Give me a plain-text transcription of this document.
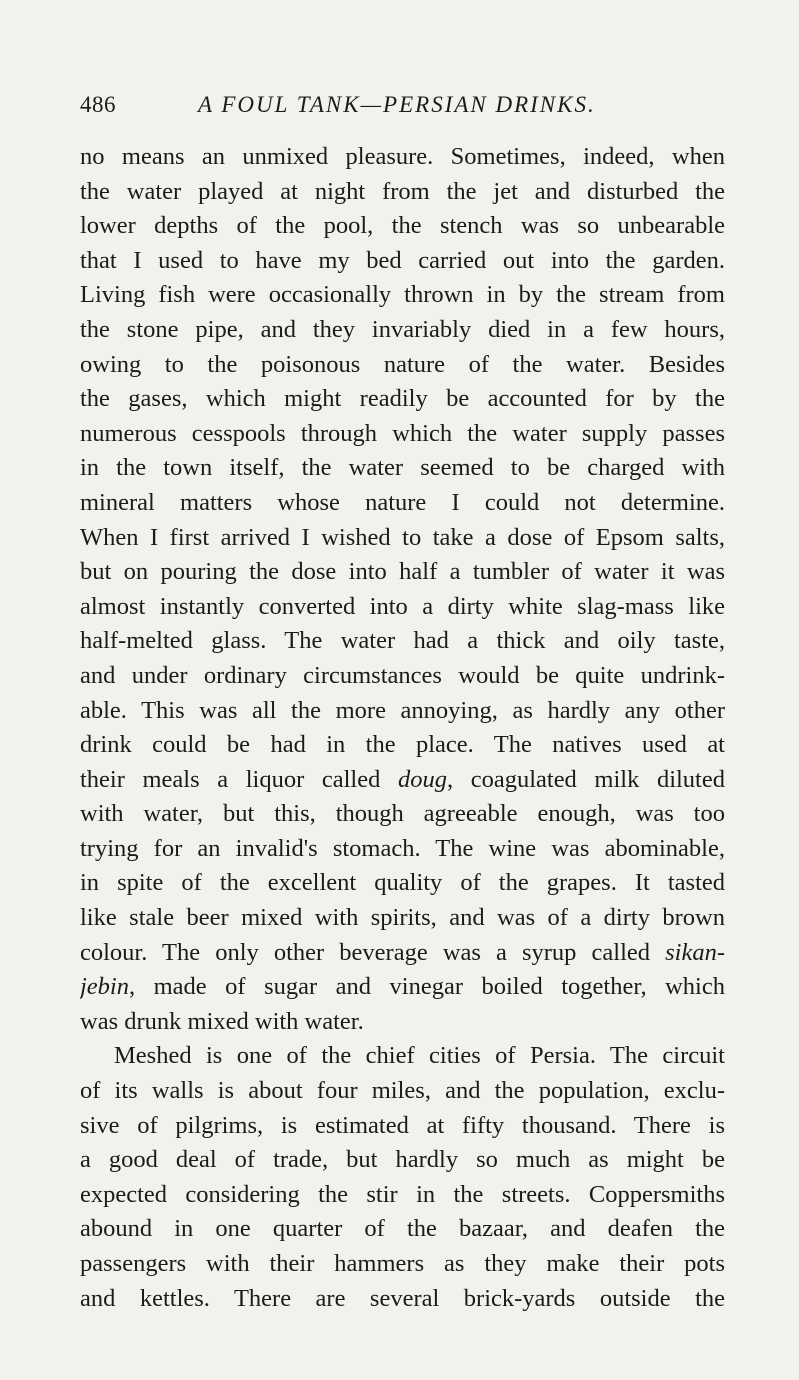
486	A FOUL TANK—PERSIAN DRINKS.
no means an unmixed pleasure. Sometimes, indeed, when
the water played at night from the jet and disturbed the
lower depths of the pool, the stench was so unbearable
that I used to have my bed carried out into the garden.
Living fish were occasionally thrown in by the stream from
the stone pipe, and they invariably died in a few hours,
owing to the poisonous nature of the water. Besides
the gases, which might readily be accounted for by the
numerous cesspools through which the water supply passes
in the town itself, the water seemed to be charged with
mineral matters whose nature I could not determine.
When I first arrived I wished to take a dose of Epsom salts,
but on pouring the dose into half a tumbler of water it was
almost instantly converted into a dirty white slag-mass like
half-melted glass. The water had a thick and oily taste,
and under ordinary circumstances would be quite undrink-
able. This was all the more annoying, as hardly any other
drink could be had in the place. The natives used at
their meals a liquor called doug, coagulated milk diluted
with water, but this, though agreeable enough, was too
trying for an invalid's stomach. The wine was abominable,
in spite of the excellent quality of the grapes. It tasted
like stale beer mixed with spirits, and was of a dirty brown
colour. The only other beverage was a syrup called sikan-
jebin, made of sugar and vinegar boiled together, which
was drunk mixed with water.
Meshed is one of the chief cities of Persia. The circuit
of its walls is about four miles, and the population, exclu-
sive of pilgrims, is estimated at fifty thousand. There is
a good deal of trade, but hardly so much as might be
expected considering the stir in the streets. Coppersmiths
abound in one quarter of the bazaar, and deafen the
passengers with their hammers as they make their pots
and kettles. There are several brick-yards outside the
